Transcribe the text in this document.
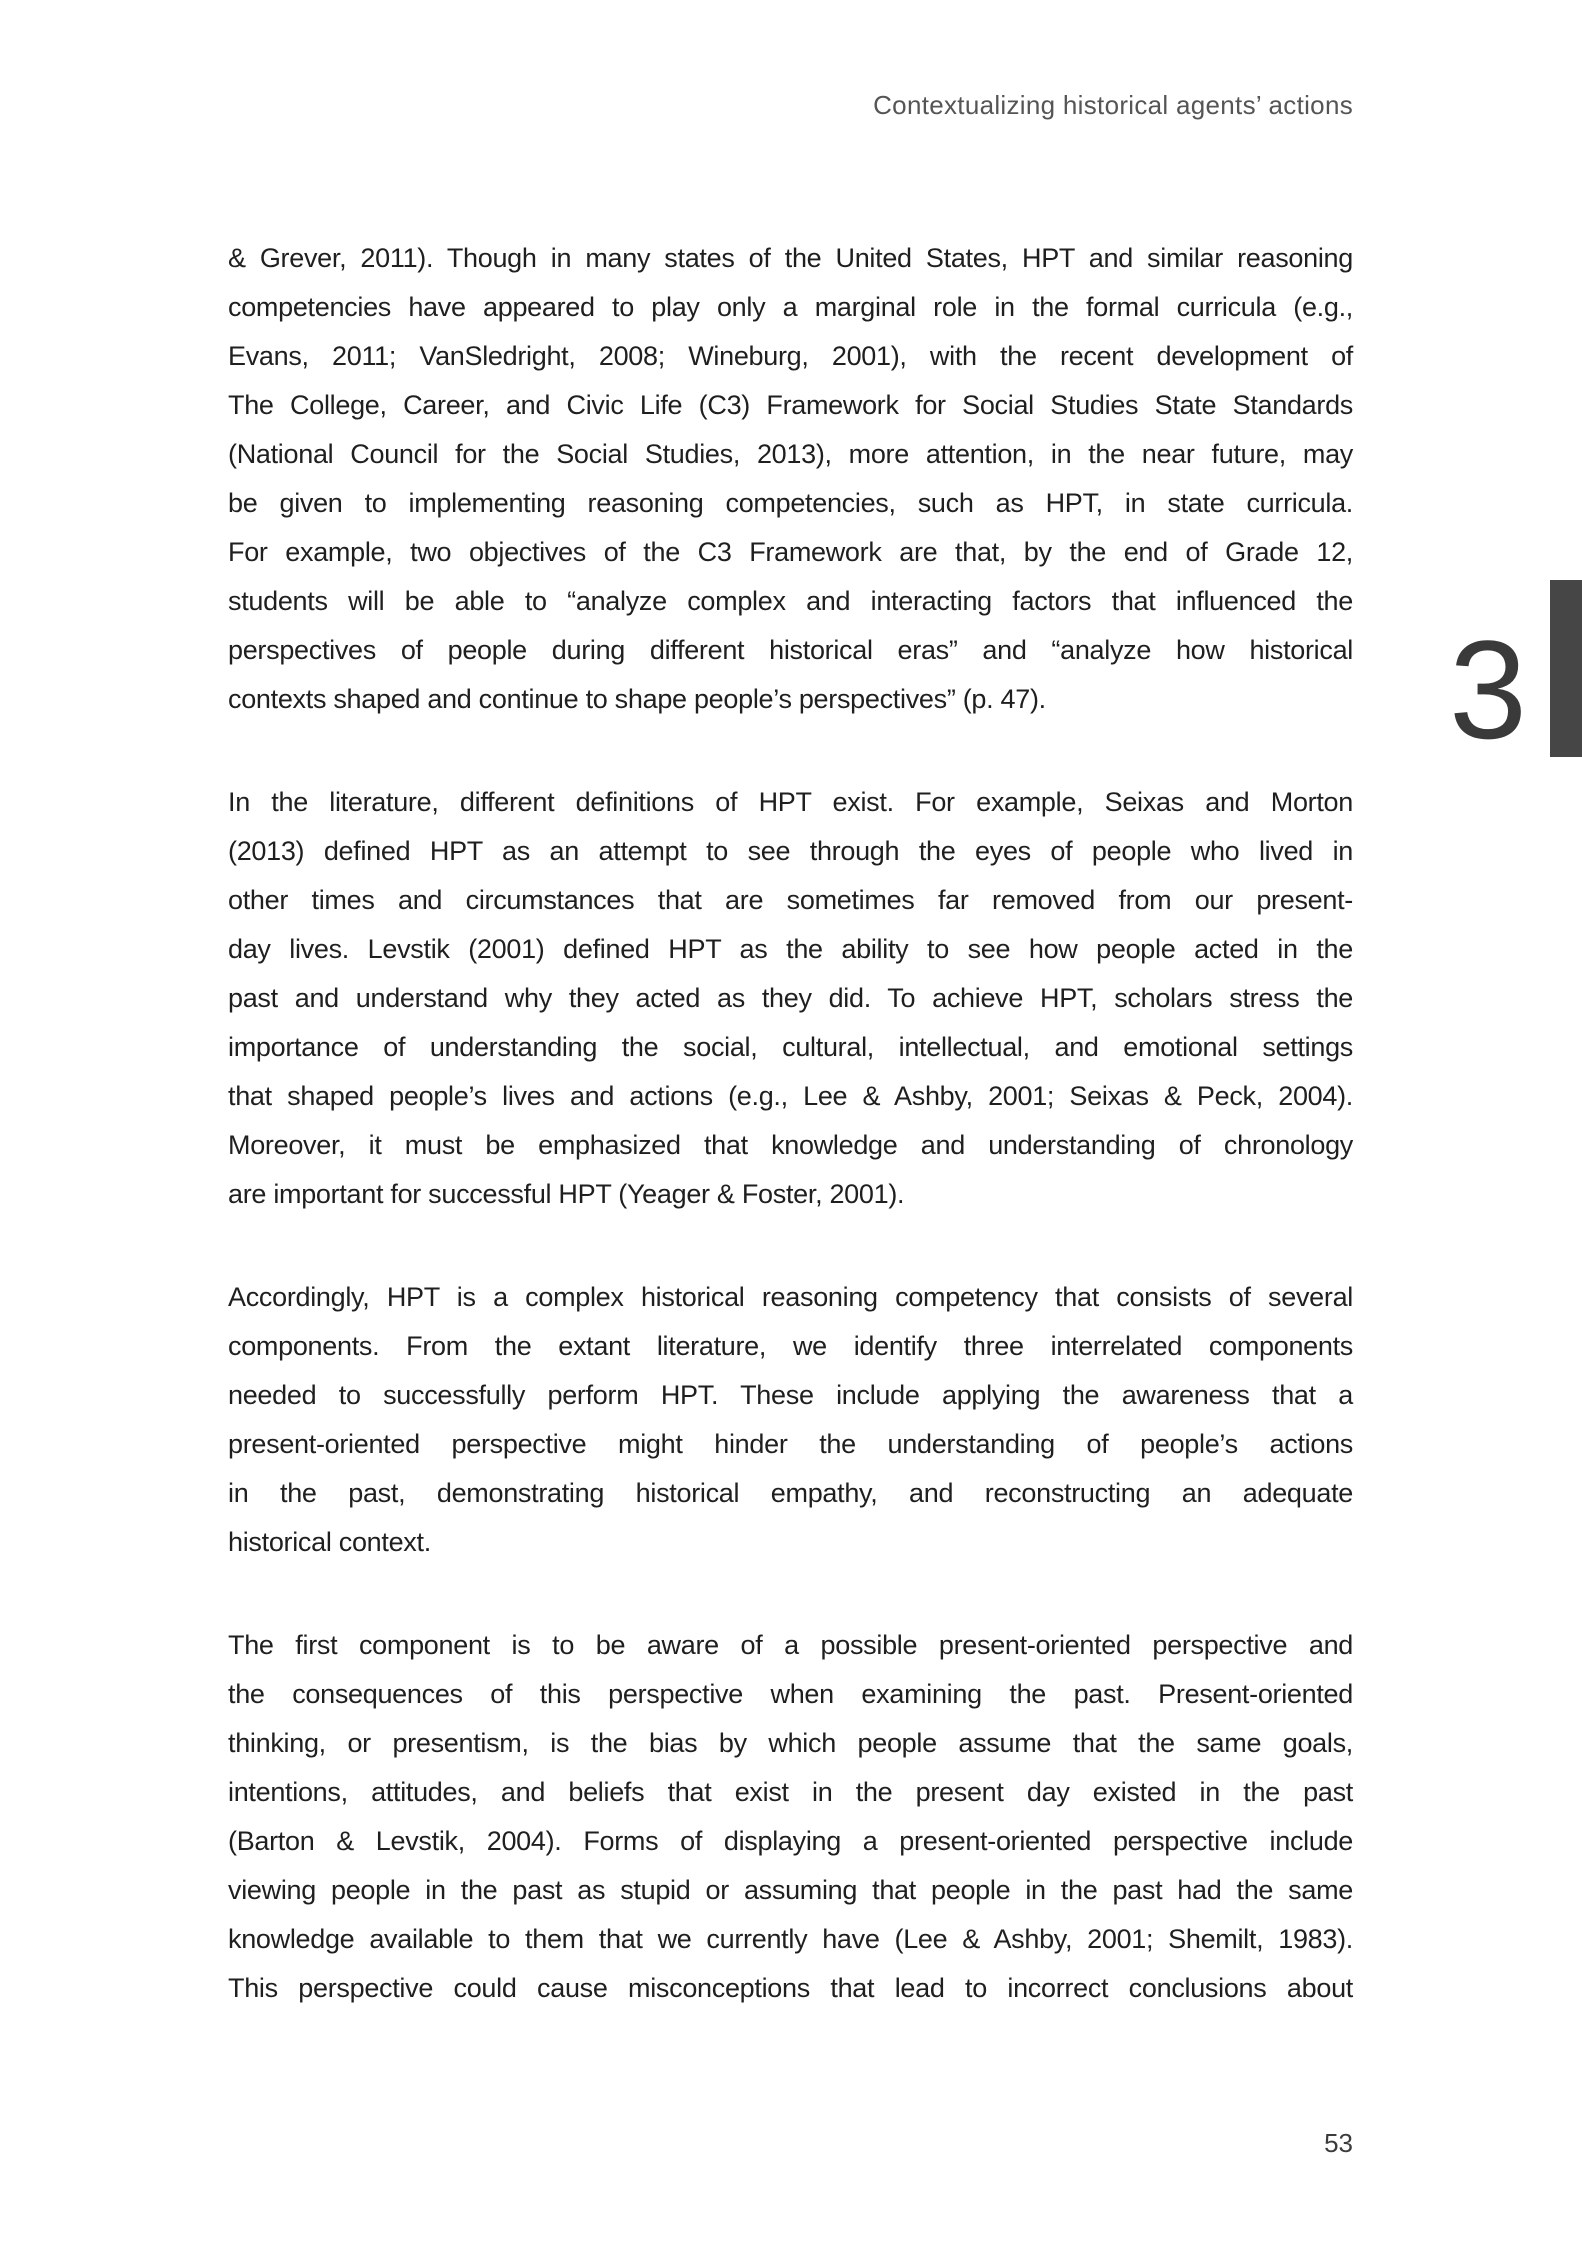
Contextualizing historical agents’ actions
& Grever, 2011). Though in many states of the United States, HPT and similar reasoning
competencies have appeared to play only a marginal role in the formal curricula (e.g.,
Evans, 2011; VanSledright, 2008; Wineburg, 2001), with the recent development of
The College, Career, and Civic Life (C3) Framework for Social Studies State Standards
(National Council for the Social Studies, 2013), more attention, in the near future, may
be given to implementing reasoning competencies, such as HPT, in state curricula.
For example, two objectives of the C3 Framework are that, by the end of Grade 12,
students will be able to “analyze complex and interacting factors that influenced the
perspectives of people during different historical eras” and “analyze how historical
contexts shaped and continue to shape people’s perspectives” (p. 47).
In the literature, different definitions of HPT exist. For example, Seixas and Morton
(2013) defined HPT as an attempt to see through the eyes of people who lived in
other times and circumstances that are sometimes far removed from our present-
day lives. Levstik (2001) defined HPT as the ability to see how people acted in the
past and understand why they acted as they did. To achieve HPT, scholars stress the
importance of understanding the social, cultural, intellectual, and emotional settings
that shaped people’s lives and actions (e.g., Lee & Ashby, 2001; Seixas & Peck, 2004).
Moreover, it must be emphasized that knowledge and understanding of chronology
are important for successful HPT (Yeager & Foster, 2001).
Accordingly, HPT is a complex historical reasoning competency that consists of several
components. From the extant literature, we identify three interrelated components
needed to successfully perform HPT. These include applying the awareness that a
present-oriented perspective might hinder the understanding of people’s actions
in the past, demonstrating historical empathy, and reconstructing an adequate
historical context.
The first component is to be aware of a possible present-oriented perspective and
the consequences of this perspective when examining the past. Present-oriented
thinking, or presentism, is the bias by which people assume that the same goals,
intentions, attitudes, and beliefs that exist in the present day existed in the past
(Barton & Levstik, 2004). Forms of displaying a present-oriented perspective include
viewing people in the past as stupid or assuming that people in the past had the same
knowledge available to them that we currently have (Lee & Ashby, 2001; Shemilt, 1983).
This perspective could cause misconceptions that lead to incorrect conclusions about
3
53
